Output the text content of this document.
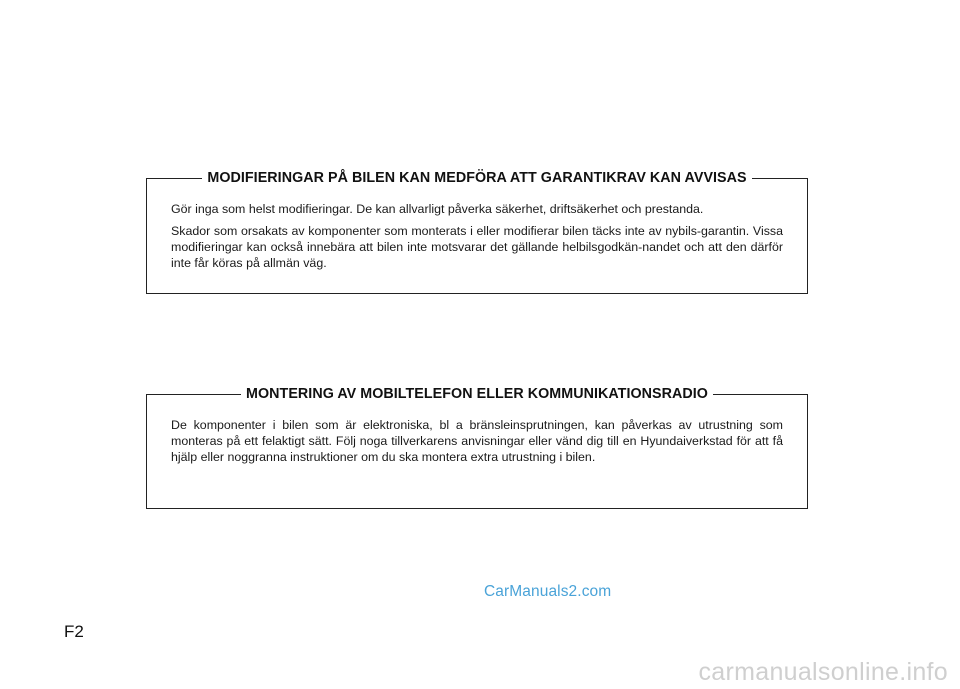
MODIFIERINGAR PÅ BILEN KAN MEDFÖRA ATT GARANTIKRAV KAN AVVISAS

Gör inga som helst modifieringar. De kan allvarligt påverka säkerhet, driftsäkerhet och prestanda.

Skador som orsakats av komponenter som monterats i eller modifierar bilen täcks inte av nybils-garantin. Vissa modifieringar kan också innebära att bilen inte motsvarar det gällande helbilsgodkän-nandet och att den därför inte får köras på allmän väg.

MONTERING AV MOBILTELEFON ELLER KOMMUNIKATIONSRADIO

De komponenter i bilen som är elektroniska, bl a bränsleinsprutningen, kan påverkas av utrustning som monteras på ett felaktigt sätt. Följ noga tillverkarens anvisningar eller vänd dig till en Hyundaiverkstad för att få hjälp eller noggranna instruktioner om du ska montera extra utrustning i bilen.

CarManuals2.com
F2
carmanualsonline.info
